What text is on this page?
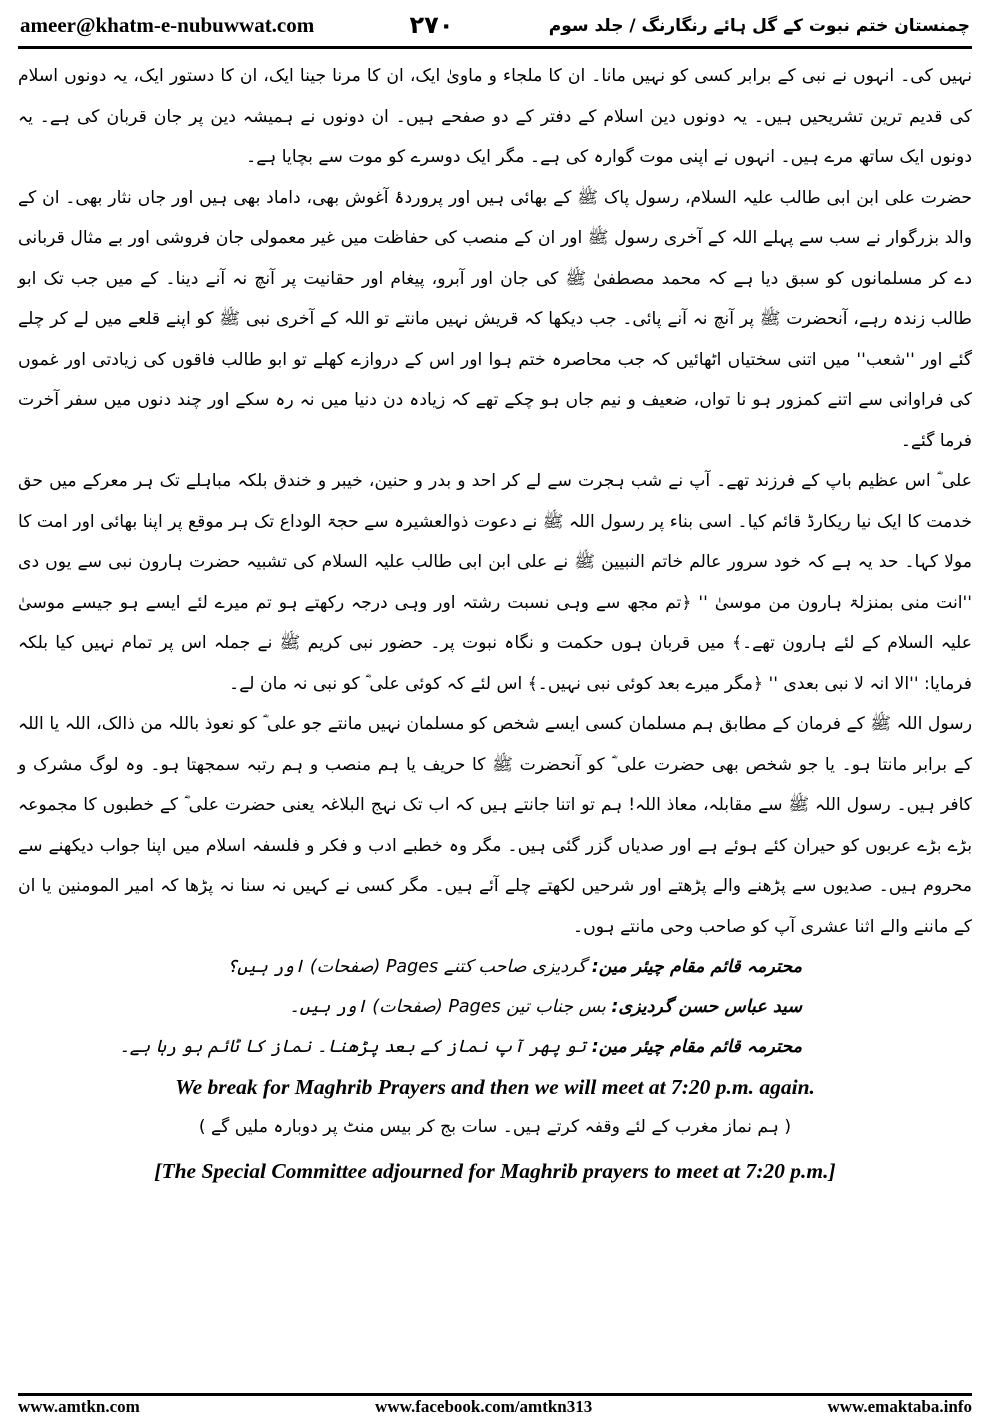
ameer@khatm-e-nubuwwat.com	۲۷۰	چمنستان ختم نبوت کے گل ہائے رنگارنگ / جلد سوم

نہیں کی۔ انہوں نے نبی کے برابر کسی کو نہیں مانا۔ ان کا ملجاء و ماویٰ ایک، ان کا مرنا جینا ایک، ان کا دستور ایک، یہ دونوں اسلام کی قدیم ترین تشریحیں ہیں۔ یہ دونوں دین اسلام کے دفتر کے دو صفحے ہیں۔ ان دونوں نے ہمیشہ دین پر جان قربان کی ہے۔ یہ دونوں ایک ساتھ مرے ہیں۔ انہوں نے اپنی موت گوارہ کی ہے۔ مگر ایک دوسرے کو موت سے بچایا ہے۔

حضرت علی ابن ابی طالب علیہ السلام، رسول پاک ﷺ کے بھائی ہیں اور پروردۂ آغوش بھی، داماد بھی ہیں اور جاں نثار بھی۔ ان کے والد بزرگوار نے سب سے پہلے اللہ کے آخری رسول ﷺ اور ان کے منصب کی حفاظت میں غیر معمولی جان فروشی اور بے مثال قربانی دے کر مسلمانوں کو سبق دیا ہے کہ محمد مصطفیٰ ﷺ کی جان اور آبرو، پیغام اور حقانیت پر آنچ نہ آنے دینا۔ کے میں جب تک ابو طالب زندہ رہے، آنحضرت ﷺ پر آنچ نہ آنے پائی۔ جب دیکھا کہ قریش نہیں مانتے تو اللہ کے آخری نبی ﷺ کو اپنے قلعے میں لے کر چلے گئے اور ''شعب'' میں اتنی سختیاں اٹھائیں کہ جب محاصرہ ختم ہوا اور اس کے دروازے کھلے تو ابو طالب فاقوں کی زیادتی اور غموں کی فراوانی سے اتنے کمزور ہو نا تواں، ضعیف و نیم جاں ہو چکے تھے کہ زیادہ دن دنیا میں نہ رہ سکے اور چند دنوں میں سفر آخرت فرما گئے۔

علی ؓ اس عظیم باپ کے فرزند تھے۔ آپ نے شب ہجرت سے لے کر احد و بدر و حنین، خیبر و خندق بلکہ مباہلے تک ہر معرکے میں حق خدمت کا ایک نیا ریکارڈ قائم کیا۔ اسی بناء پر رسول اللہ ﷺ نے دعوت ذوالعشیرہ سے حجۃ الوداع تک ہر موقع پر اپنا بھائی اور امت کا مولا کہا۔ حد یہ ہے کہ خود سرور عالم خاتم النبیین ﷺ نے علی ابن ابی طالب علیہ السلام کی تشبیہ حضرت ہارون نبی سے یوں دی ''انت منی بمنزلۃ ہارون من موسیٰ '' ﴿تم مجھ سے وہی نسبت رشتہ اور وہی درجہ رکھتے ہو تم میرے لئے ایسے ہو جیسے موسیٰ علیہ السلام کے لئے ہارون تھے۔﴾ میں قربان ہوں حکمت و نگاہ نبوت پر۔ حضور نبی کریم ﷺ نے جملہ اس پر تمام نہیں کیا بلکہ فرمایا: ''الا انہ لا نبی بعدی '' ﴿مگر میرے بعد کوئی نبی نہیں۔﴾ اس لئے کہ کوئی علی ؓ کو نبی نہ مان لے۔

رسول اللہ ﷺ کے فرمان کے مطابق ہم مسلمان کسی ایسے شخص کو مسلمان نہیں مانتے جو علی ؓ کو نعوذ باللہ من ذالک، اللہ یا اللہ کے برابر مانتا ہو۔ یا جو شخص بھی حضرت علی ؓ کو آنحضرت ﷺ کا حریف یا ہم منصب و ہم رتبہ سمجھتا ہو۔ وہ لوگ مشرک و کافر ہیں۔ رسول اللہ ﷺ سے مقابلہ، معاذ اللہ! ہم تو اتنا جانتے ہیں کہ اب تک نہج البلاغہ یعنی حضرت علی ؓ کے خطبوں کا مجموعہ بڑے بڑے عربوں کو حیران کئے ہوئے ہے اور صدیاں گزر گئی ہیں۔ مگر وہ خطبے ادب و فکر و فلسفہ اسلام میں اپنا جواب دیکھنے سے محروم ہیں۔ صدیوں سے پڑھنے والے پڑھتے اور شرحیں لکھتے چلے آئے ہیں۔ مگر کسی نے کہیں نہ سنا نہ پڑھا کہ امیر المومنین یا ان کے ماننے والے اثنا عشری آپ کو صاحب وحی مانتے ہوں۔

محترمہ قائم مقام چیئر مین: گردیزی صاحب کتنے Pages (صفحات) اور ہیں؟
سید عباس حسن گردیزی: بس جناب تین Pages (صفحات) اور ہیں۔
محترمہ قائم مقام چیئر مین: تو پھر آپ نماز کے بعد پڑھنا۔ نماز کا ٹائم ہو رہا ہے۔

We break for Maghrib Prayers and then we will meet at 7:20 p.m. again.

( ہم نماز مغرب کے لئے وقفہ کرتے ہیں۔ سات بج کر بیس منٹ پر دوبارہ ملیں گے )

[The Special Committee adjourned for Maghrib prayers to meet at 7:20 p.m.]

www.amtkn.com	www.facebook.com/amtkn313	www.emaktaba.info
